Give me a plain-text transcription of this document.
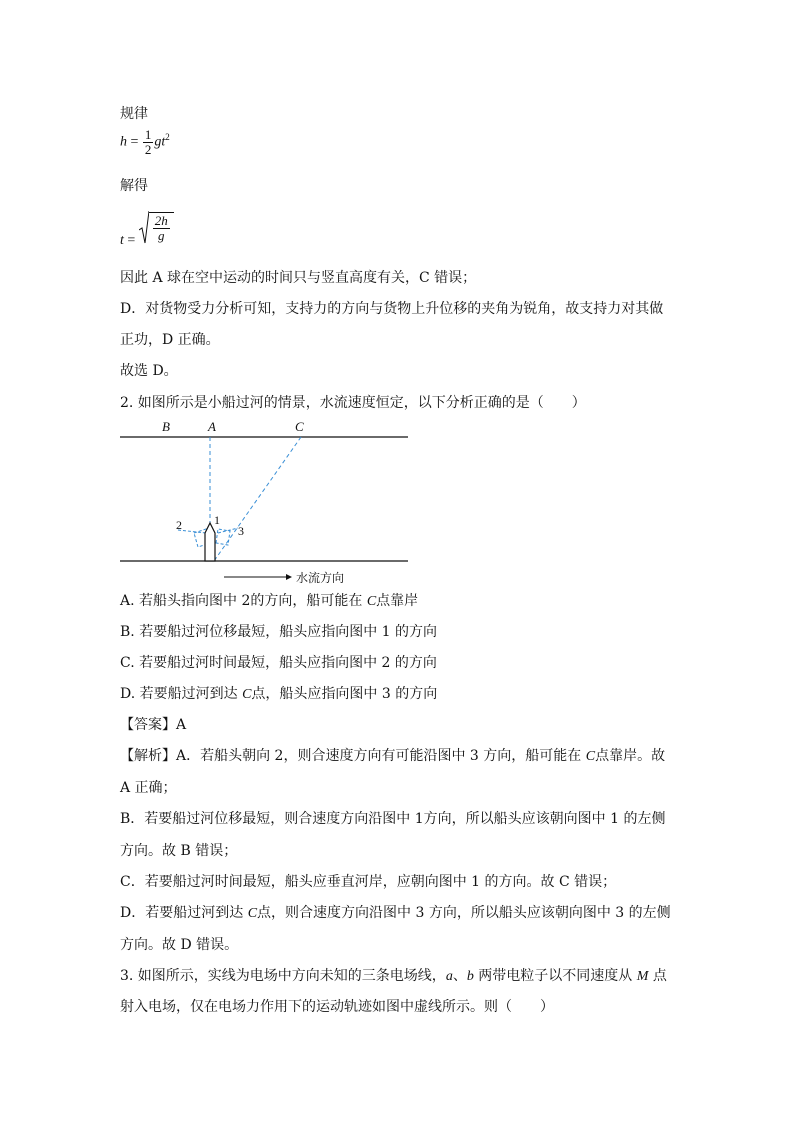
规律
$h = \frac{1}{2} gt^2$
解得
$t = \frac{2h}{g}$
因此 A 球在空中运动的时间只与竖直高度有关，C 错误；
D．对货物受力分析可知，支持力的方向与货物上升位移的夹角为锐角，故支持力对其做
正功，D 正确。
故选 D。
2. 如图所示是小船过河的情景，水流速度恒定，以下分析正确的是（　　）
B	A	C
1
2	3
水流方向
A. 若船头指向图中 2的方向，船可能在 C点靠岸
B. 若要船过河位移最短，船头应指向图中 1 的方向
C. 若要船过河时间最短，船头应指向图中 2 的方向
D. 若要船过河到达 C点，船头应指向图中 3 的方向
【答案】A
【解析】A．若船头朝向 2，则合速度方向有可能沿图中 3 方向，船可能在 C点靠岸。故
A 正确；
B．若要船过河位移最短，则合速度方向沿图中 1方向，所以船头应该朝向图中 1 的左侧
方向。故 B 错误；
C．若要船过河时间最短，船头应垂直河岸，应朝向图中 1 的方向。故 C 错误；
D．若要船过河到达 C点，则合速度方向沿图中 3 方向，所以船头应该朝向图中 3 的左侧
方向。故 D 错误。
3. 如图所示，实线为电场中方向未知的三条电场线，a、b 两带电粒子以不同速度从 M 点
射入电场，仅在电场力作用下的运动轨迹如图中虚线所示。则（　　）
